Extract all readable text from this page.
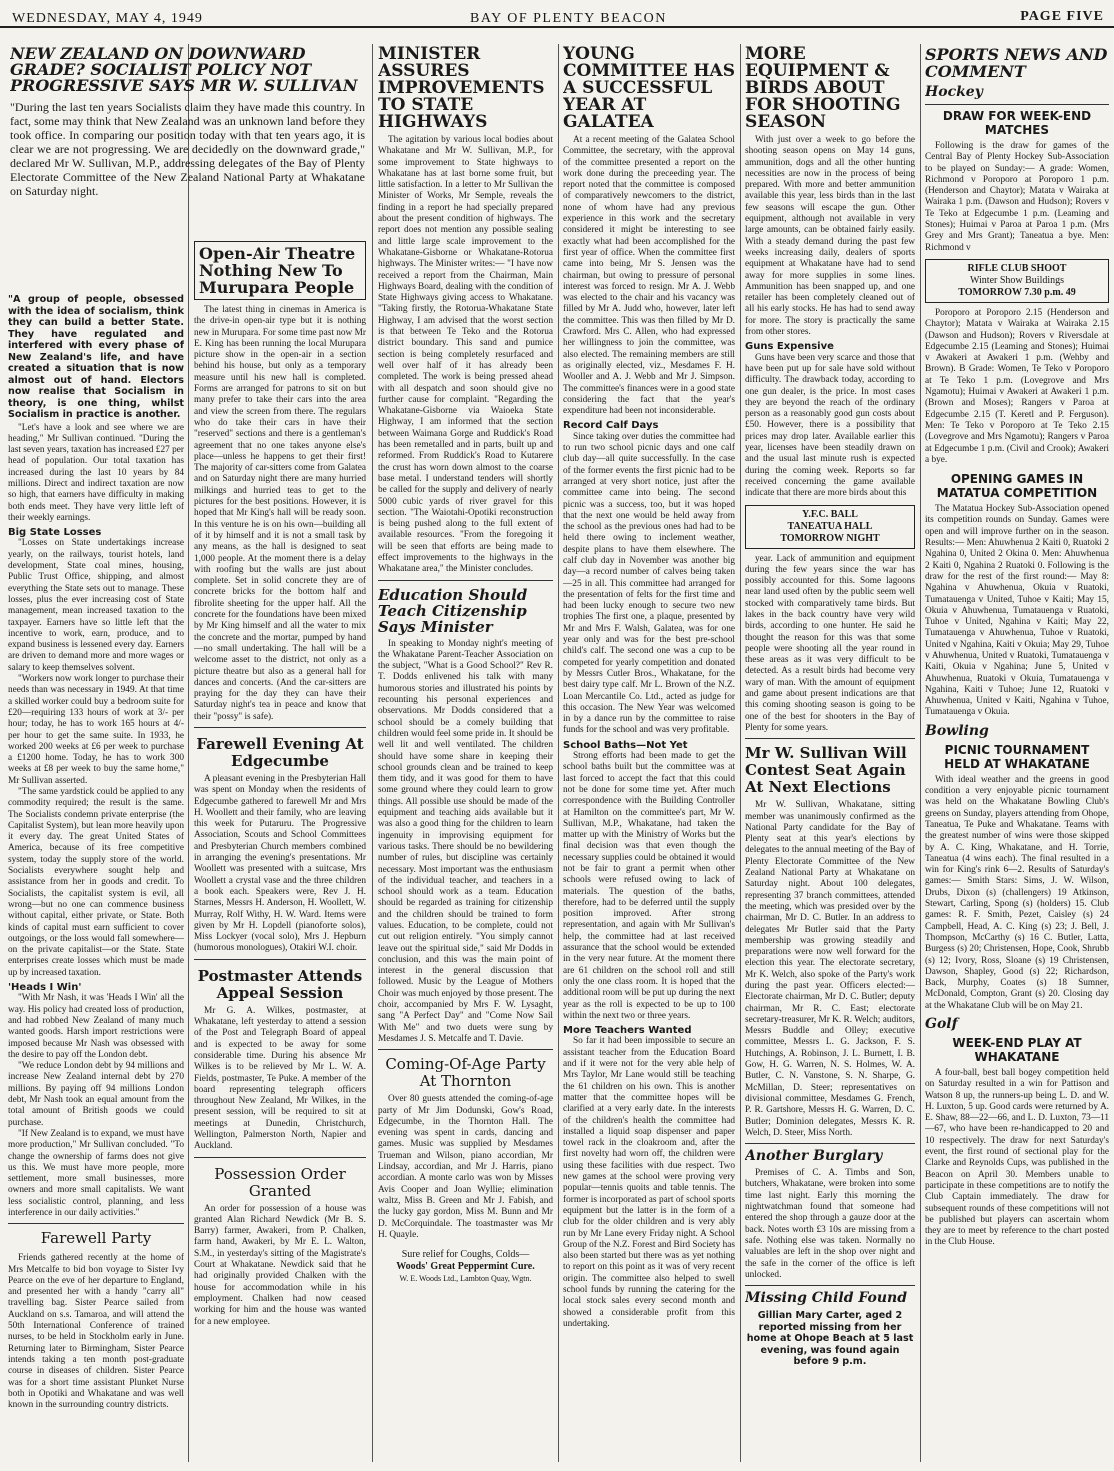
WEDNESDAY, MAY 4, 1949	BAY OF PLENTY BEACON	PAGE FIVE
NEW ZEALAND ON DOWNWARD GRADE? SOCIALIST POLICY NOT PROGRESSIVE SAYS MR W. SULLIVAN
"During the last ten years Socialists claim they have made this country. In fact, some may think that New Zealand was an unknown land before they took office. In comparing our position today with that ten years ago, it is clear we are not progressing. We are decidedly on the downward grade," declared Mr W. Sullivan, M.P., addressing delegates of the Bay of Plenty Electorate Committee of the New Zealand National Party at Whakatane on Saturday night.
"A group of people, obsessed with the idea of socialism, think they can build a better State. They have regulated and interfered with every phase of New Zealand's life, and have created a situation that is now almost out of hand. Electors now realise that Socialism in theory, is one thing, whilst Socialism in practice is another.

"Let's have a look and see where we are heading," Mr Sullivan continued. "During the last seven years, taxation has increased £27 per head of population. Our total taxation has increased during the last 10 years by 84 millions. Direct and indirect taxation are now so high, that earners have difficulty in making both ends meet. They have very little left of their weekly earnings.

Big State Losses

"Losses on State undertakings increase yearly, on the railways, tourist hotels, land development, State coal mines, housing, Public Trust Office, shipping, and almost everything the State sets out to manage. These losses, plus the ever increasing cost of State management, mean increased taxation to the taxpayer. Earners have so little left that the incentive to work, earn, produce, and to expand business is lessened every day. Earners are driven to demand more and more wages or salary to keep themselves solvent.

"Workers now work longer to purchase their needs than was necessary in 1949. At that time a skilled worker could buy a bedroom suite for £20—requiring 133 hours of work at 3/- per hour; today, he has to work 165 hours at 4/- per hour to get the same suite. In 1933, he worked 200 weeks at £6 per week to purchase a £1200 home. Today, he has to work 300 weeks at £8 per week to buy the same home," Mr Sullivan asserted.

"The same yardstick could be applied to any commodity required; the result is the same. The Socialists condemn private enterprise (the Capitalist System), but lean more heavily upon it every day. The great United States of America, because of its free competitive system, today the supply store of the world. Socialists everywhere sought help and assistance from her in goods and credit. To Socialists, the capitalist system is evil, all wrong—but no one can commence business without capital, either private, or State. Both kinds of capital must earn sufficient to cover outgoings, or the loss would fall somewhere—on the private capitalist—or the State. State enterprises create losses which must be made up by increased taxation.

'Heads I Win'

"With Mr Nash, it was 'Heads I Win' all the way. His policy had created loss of production, and had robbed New Zealand of many much wanted goods. Harsh import restrictions were imposed because Mr Nash was obsessed with the desire to pay off the London debt.

"We reduce London debt by 94 millions and increase New Zealand internal debt by 270 millions. By paying off 94 millions London debt, Mr Nash took an equal amount from the total amount of British goods we could purchase.

"If New Zealand is to expand, we must have more production," Mr Sullivan concluded. "To change the ownership of farms does not give us this. We must have more people, more settlement, more small businesses, more owners and more small capitalists. We want less socialistic control, planning, and less interference in our daily activities."

Farewell Party

Friends gathered recently at the home of Mrs Metcalfe to bid bon voyage to Sister Ivy Pearce on the eve of her departure to England, and presented her with a handy "carry all" travelling bag. Sister Pearce sailed from Auckland on s.s. Tamaroa, and will attend the 50th International Conference of trained nurses, to be held in Stockholm early in June. Returning later to Birmingham, Sister Pearce intends taking a ten month post-graduate course in diseases of children. Sister Pearce was for a short time assistant Plunket Nurse both in Opotiki and Whakatane and was well known in the surrounding country districts.

Open-Air Theatre Nothing New To Murupara People

The latest thing in cinemas in America is the drive-in open-air type but it is nothing new in Murupara. For some time past now Mr E. King has been running the local Murupara picture show in the open-air in a section behind his house, but only as a temporary measure until his new hall is completed. Forms are arranged for patrons to sit on but many prefer to take their cars into the area and view the screen from there. The regulars who do take their cars in have their "reserved" sections and there is a gentleman's agreement that no one takes anyone else's place—unless he happens to get their first! The majority of car-sitters come from Galatea and on Saturday night there are many hurried milkings and hurried teas to get to the pictures for the best positions. However, it is hoped that Mr King's hall will be ready soon. In this venture he is on his own—building all of it by himself and it is not a small task by any means, as the hall is designed to seat 1,000 people. At the moment there is a delay with roofing but the walls are just about complete. Set in solid concrete they are of concrete bricks for the bottom half and fibrolite sheeting for the upper half. All the concrete for the foundations have been mixed by Mr King himself and all the water to mix the concrete and the mortar, pumped by hand—no small undertaking. The hall will be a welcome asset to the district, not only as a picture theatre but also as a general hall for dances and concerts. (And the car-sitters are praying for the day they can have their Saturday night's tea in peace and know that their "possy" is safe).

Farewell Evening At Edgecumbe

A pleasant evening in the Presbyterian Hall was spent on Monday when the residents of Edgecumbe gathered to farewell Mr and Mrs H. Woollett and their family, who are leaving this week for Putaruru. The Progressive Association, Scouts and School Committees and Presbyterian Church members combined in arranging the evening's presentations. Mr Woollett was presented with a suitcase, Mrs Woollett a crystal vase and the three children a book each. Speakers were, Rev J. H. Starnes, Messrs H. Anderson, H. Woollett, W. Murray, Rolf Withy, H. W. Ward. Items were given by Mr H. Lopdell (pianoforte solos), Miss Lockyer (vocal solo), Mrs J. Hepburn (humorous monologues), Otakiri W.I. choir.

Postmaster Attends Appeal Session

Mr G. A. Wilkes, postmaster, at Whakatane, left yesterday to attend a session of the Post and Telegraph Board of appeal and is expected to be away for some considerable time. During his absence Mr Wilkes is to be relieved by Mr L. W. A. Fields, postmaster, Te Puke. A member of the board representing telegraph officers throughout New Zealand, Mr Wilkes, in the present session, will be required to sit at meetings at Dunedin, Christchurch, Wellington, Palmerston North, Napier and Auckland.

Possession Order Granted

An order for possession of a house was granted Alan Richard Newdick (Mr B. S. Barry) farmer, Awakeri, from P. Chalken, farm hand, Awakeri, by Mr E. L. Walton, S.M., in yesterday's sitting of the Magistrate's Court at Whakatane. Newdick said that he had originally provided Chalken with the house for accommodation while in his employment. Chalken had now ceased working for him and the house was wanted for a new employee.

MINISTER ASSURES IMPROVEMENTS TO STATE HIGHWAYS

The agitation by various local bodies about Whakatane and Mr W. Sullivan, M.P., for some improvement to State highways to Whakatane has at last borne some fruit, but little satisfaction. In a letter to Mr Sullivan the Minister of Works, Mr Semple, reveals the finding in a report he had specially prepared about the present condition of highways. The report does not mention any possible sealing and little large scale improvement to the Whakatane-Gisborne or Whakatane-Rotorua highways. The Minister writes:— "I have now received a report from the Chairman, Main Highways Board, dealing with the condition of State Highways giving access to Whakatane. "Taking firstly, the Rotorua-Whakatane State Highway, I am advised that the worst section is that between Te Teko and the Rotorua district boundary. This sand and pumice section is being completely resurfaced and well over half of it has already been completed. The work is being pressed ahead with all despatch and soon should give no further cause for complaint. "Regarding the Whakatane-Gisborne via Waioeka State Highway, I am informed that the section between Waimana Gorge and Ruddick's Road has been remetalled and in parts, built up and reformed. From Ruddick's Road to Kutarere the crust has worn down almost to the coarse base metal. I understand tenders will shortly be called for the supply and delivery of nearly 5000 cubic yards of river gravel for this section. "The Waiotahi-Opotiki reconstruction is being pushed along to the full extent of available resources. "From the foregoing it will be seen that efforts are being made to effect improvements to the highways in the Whakatane area," the Minister concludes.

Education Should Teach Citizenship Says Minister

In speaking to Monday night's meeting of the Whakatane Parent-Teacher Association on the subject, "What is a Good School?" Rev R. T. Dodds enlivened his talk with many humorous stories and illustrated his points by recounting his personal experiences and observations. Mr Dodds considered that a school should be a comely building that children would feel some pride in. It should be well lit and well ventilated. The children should have some share in keeping their school grounds clean and be trained to keep them tidy, and it was good for them to have some ground where they could learn to grow things. All possible use should be made of the equipment and teaching aids available but it was also a good thing for the children to learn ingenuity in improvising equipment for various tasks. There should be no bewildering number of rules, but discipline was certainly necessary. Most important was the enthusiasm of the individual teacher, and teachers in a school should work as a team. Education should be regarded as training for citizenship and the children should be trained to form values. Education, to be complete, could not cut out religion entirely. "You simply cannot leave out the spiritual side," said Mr Dodds in conclusion, and this was the main point of interest in the general discussion that followed. Music by the League of Mothers Choir was much enjoyed by those present. The choir, accompanied by Mrs F. W. Lysaght, sang "A Perfect Day" and "Come Now Sail With Me" and two duets were sung by Mesdames J. S. Metcalfe and T. Davie.

Coming-Of-Age Party At Thornton

Over 80 guests attended the coming-of-age party of Mr Jim Dodunski, Gow's Road, Edgecumbe, in the Thornton Hall. The evening was spent in cards, dancing and games. Music was supplied by Mesdames Trueman and Wilson, piano accordian, Mr Lindsay, accordian, and Mr J. Harris, piano accordian. A monte carlo was won by Misses Avis Cooper and Joan Wyllie; elimination waltz, Miss B. Green and Mr J. Fabish, and the lucky gay gordon, Miss M. Bunn and Mr D. McCorquindale. The toastmaster was Mr H. Quayle.

Sure relief for Coughs, Colds—
Woods' Great Peppermint Cure.
W. E. Woods Ltd., Lambton Quay, Wgtn.
YOUNG COMMITTEE HAS A SUCCESSFUL YEAR AT GALATEA

At a recent meeting of the Galatea School Committee, the secretary, with the approval of the committee presented a report on the work done during the preceeding year. The report noted that the committee is composed of comparatively newcomers to the district, none of whom have had any previous experience in this work and the secretary considered it might be interesting to see exactly what had been accomplished for the first year of office. When the committee first came into being, Mr S. Jensen was the chairman, but owing to pressure of personal interest was forced to resign. Mr A. J. Webb was elected to the chair and his vacancy was filled by Mr A. Judd who, however, later left the committee. This was then filled by Mr D. Crawford. Mrs C. Allen, who had expressed her willingness to join the committee, was also elected. The remaining members are still as originally elected, viz., Mesdames F. H. Wooller and A. J. Webb and Mr J. Simpson. The committee's finances were in a good state considering the fact that the year's expenditure had been not inconsiderable.

Record Calf Days

Since taking over duties the committee had to run two school picnic days and one calf club day—all quite successfully. In the case of the former events the first picnic had to be arranged at very short notice, just after the committee came into being. The second picnic was a success, too, but it was hoped that the next one would be held away from the school as the previous ones had had to be held there owing to inclement weather, despite plans to have them elsewhere. The calf club day in November was another big day—a record number of calves being taken—25 in all. This committee had arranged for the presentation of felts for the first time and had been lucky enough to secure two new trophies The first one, a plaque, presented by Mr and Mrs F. Walsh, Galatea, was for one year only and was for the best pre-school child's calf. The second one was a cup to be competed for yearly competition and donated by Messrs Cutler Bros., Whakatane, for the best dairy type calf. Mr L. Brown of the N.Z. Loan Mercantile Co. Ltd., acted as judge for this occasion. The New Year was welcomed in by a dance run by the committee to raise funds for the school and was very profitable.

School Baths—Not Yet

Strong efforts had been made to get the school baths built but the committee was at last forced to accept the fact that this could not be done for some time yet. After much correspondence with the Building Controller at Hamilton on the committee's part, Mr W. Sullivan, M.P., Whakatane, had taken the matter up with the Ministry of Works but the final decision was that even though the necessary supplies could be obtained it would not be fair to grant a permit when other schools were refused owing to lack of materials. The question of the baths, therefore, had to be deferred until the supply position improved. After strong representation, and again with Mr Sullivan's help, the committee had at last received assurance that the school would be extended in the very near future. At the moment there are 61 children on the school roll and still only the one class room. It is hoped that the additional room will be put up during the next year as the roll is expected to be up to 100 within the next two or three years.

More Teachers Wanted

So far it had been impossible to secure an assistant teacher from the Education Board and if it were not for the very able help of Mrs Taylor, Mr Lane would still be teaching the 61 children on his own. This is another matter that the committee hopes will be clarified at a very early date. In the interests of the children's health the committee had installed a liquid soap dispenser and paper towel rack in the cloakroom and, after the first novelty had worn off, the children were using these facilities with due respect. Two new games at the school were proving very popular—tennis quoits and table tennis. The former is incorporated as part of school sports equipment but the latter is in the form of a club for the older children and is very ably run by Mr Lane every Friday night. A School Group of the N.Z. Forest and Bird Society has also been started but there was as yet nothing to report on this point as it was of very recent origin. The committee also helped to swell school funds by running the catering for the local stock sales every second month and showed a considerable profit from this undertaking.

MORE EQUIPMENT & BIRDS ABOUT FOR SHOOTING SEASON

With just over a week to go before the shooting season opens on May 14 guns, ammunition, dogs and all the other hunting necessities are now in the process of being prepared. With more and better ammunition available this year, less birds than in the last few seasons will escape the gun. Other equipment, although not available in very large amounts, can be obtained fairly easily. With a steady demand during the past few weeks increasing daily, dealers of sports equipment at Whakatane have had to send away for more supplies in some lines. Ammunition has been snapped up, and one retailer has been completely cleaned out of all his early stocks. He has had to send away for more. The story is practically the same from other stores.

Guns Expensive

Guns have been very scarce and those that have been put up for sale have sold without difficulty. The drawback today, according to one gun dealer, is the price. In most cases they are beyond the reach of the ordinary person as a reasonably good gun costs about £50. However, there is a possibility that prices may drop later. Available earlier this year, licenses have been steadily drawn on and the usual last minute rush is expected during the coming week. Reports so far received concerning the game available indicate that there are more birds about this

Y.F.C. BALL
TANEATUA HALL
TOMORROW NIGHT

year. Lack of ammunition and equipment during the few years since the war has possibly accounted for this. Some lagoons near land used often by the public seem well stocked with comparatively tame birds. But lakes in the back country have very wild birds, according to one hunter. He said he thought the reason for this was that some people were shooting all the year round in these areas as it was very difficult to be detected. As a result birds had become very wary of man. With the amount of equipment and game about present indications are that this coming shooting season is going to be one of the best for shooters in the Bay of Plenty for some years.

Mr W. Sullivan Will Contest Seat Again At Next Elections

Mr W. Sullivan, Whakatane, sitting member was unanimously confirmed as the National Party candidate for the Bay of Plenty seat at this year's elections by delegates to the annual meeting of the Bay of Plenty Electorate Committee of the New Zealand National Party at Whakatane on Saturday night. About 100 delegates, representing 37 branch committees, attended the meeting, which was presided over by the chairman, Mr D. C. Butler. In an address to delegates Mr Butler said that the Party membership was growing steadily and preparations were now well forward for the election this year. The electorate secretary, Mr K. Welch, also spoke of the Party's work during the past year. Officers elected:— Electorate chairman, Mr D. C. Butler; deputy chairman, Mr R. C. East; electorate secretary-treasurer, Mr K. R. Welch; auditors, Messrs Buddle and Olley; executive committee, Messrs L. G. Jackson, F. S. Hutchings, A. Robinson, J. L. Burnett, I. B. Gow, H. G. Warren, N. S. Holmes, W. A. Butler, C. N. Vanstone, S. N. Sharpe, G. McMillan, D. Steer; representatives on divisional committee, Mesdames G. French, P. R. Gartshore, Messrs H. G. Warren, D. C. Butler; Dominion delegates, Messrs K. R. Welch, D. Steer, Miss North.

Another Burglary

Premises of C. A. Timbs and Son, butchers, Whakatane, were broken into some time last night. Early this morning the nightwatchman found that someone had entered the shop through a gauze door at the back. Notes worth £3 10s are missing from a safe. Nothing else was taken. Normally no valuables are left in the shop over night and the safe in the corner of the office is left unlocked.

Missing Child Found
Gillian Mary Carter, aged 2 reported missing from her home at Ohope Beach at 5 last evening, was found again before 9 p.m.
SPORTS NEWS AND COMMENT
Hockey
DRAW FOR WEEK-END MATCHES

Following is the draw for games of the Central Bay of Plenty Hockey Sub-Association to be played on Sunday:— A grade: Women, Richmond v Poroporo at Poroporo 1 p.m. (Henderson and Chaytor); Matata v Wairaka at Wairaka 1 p.m. (Dawson and Hudson); Rovers v Te Teko at Edgecumbe 1 p.m. (Leaming and Stones); Huimai v Paroa at Paroa 1 p.m. (Mrs Grey and Mrs Grant); Taneatua a bye. Men: Richmond v

RIFLE CLUB SHOOT
Winter Show Buildings
TOMORROW 7.30 p.m. 49

Poroporo at Poroporo 2.15 (Henderson and Chaytor); Matata v Wairaka at Wairaka 2.15 (Dawson and Hudson); Rovers v Riversdale at Edgecumbe 2.15 (Leaming and Stones); Huimai v Awakeri at Awakeri 1 p.m. (Wehby and Brown). B Grade: Women, Te Teko v Poroporo at Te Teko 1 p.m. (Lovegrove and Mrs Ngamotu); Huimai v Awakeri at Awakeri 1 p.m. (Brown and Moses); Rangers v Paroa at Edgecumbe 2.15 (T. Keretl and P. Ferguson). Men: Te Teko v Poroporo at Te Teko 2.15 (Lovegrove and Mrs Ngamotu); Rangers v Paroa at Edgecumbe 1 p.m. (Civil and Crook); Awakeri a bye.

OPENING GAMES IN MATATUA COMPETITION

The Matatua Hockey Sub-Association opened its competition rounds on Sunday. Games were open and will improve further on in the season. Results:— Men: Ahuwhenua 2 Kaiti 0, Ruatoki 2 Ngahina 0, United 2 Okina 0. Men: Ahuwhenua 2 Kaiti 0, Ngahina 2 Ruatoki 0. Following is the draw for the rest of the first round:— May 8: Ngahina v Ahuwhenua, Okuia v Ruatoki, Tumatauenga v United, Tuhoe v Kaiti; May 15, Okuia v Ahuwhenua, Tumatauenga v Ruatoki, Tuhoe v United, Ngahina v Kaiti; May 22, Tumatauenga v Ahuwhenua, Tuhoe v Ruatoki, United v Ngahina, Kaiti v Okuia; May 29, Tuhoe v Ahuwhenua, United v Ruatoki, Tumatauenga v Kaiti, Okuia v Ngahina; June 5, United v Ahuwhenua, Ruatoki v Okuia, Tumatauenga v Ngahina, Kaiti v Tuhoe; June 12, Ruatoki v Ahuwhenua, United v Kaiti, Ngahina v Tuhoe, Tumatauenga v Okuia.

Bowling
PICNIC TOURNAMENT HELD AT WHAKATANE

With ideal weather and the greens in good condition a very enjoyable picnic tournament was held on the Whakatane Bowling Club's greens on Sunday, players attending from Ohope, Taneatua, Te Puke and Whakatane. Teams with the greatest number of wins were those skipped by A. C. King, Whakatane, and H. Torrie, Taneatua (4 wins each). The final resulted in a win for King's rink 6—2. Results of Saturday's games:— Smith Stars: Sims, J. W. Wilson, Drubs, Dixon (s) (challengers) 19 Atkinson, Stewart, Carling, Spong (s) (holders) 15. Club games: R. F. Smith, Pezet, Caisley (s) 24 Campbell, Head, A. C. King (s) 23; J. Bell, J. Thompson, McCarthy (s) 16 C. Butler, Latta, Burgess (s) 20; Christensen, Hope, Cook, Shrubb (s) 12; Ivory, Ross, Sloane (s) 19 Christensen, Dawson, Shapley, Good (s) 22; Richardson, Back, Murphy, Coates (s) 18 Sumner, McDonald, Compton, Grant (s) 20. Closing day at the Whakatane Club will be on May 21.

Golf
WEEK-END PLAY AT WHAKATANE

A four-ball, best ball bogey competition held on Saturday resulted in a win for Pattison and Watson 8 up, the runners-up being L. D. and W. H. Luxton, 5 up. Good cards were returned by A. E. Shaw, 88—22—66, and L. D. Luxton, 73—11—67, who have been re-handicapped to 20 and 10 respectively. The draw for next Saturday's event, the first round of sectional play for the Clarke and Reynolds Cups, was published in the Beacon on April 30. Members unable to participate in these competitions are to notify the Club Captain immediately. The draw for subsequent rounds of these competitions will not be published but players can ascertain whom they are to meet by reference to the chart posted in the Club House.
